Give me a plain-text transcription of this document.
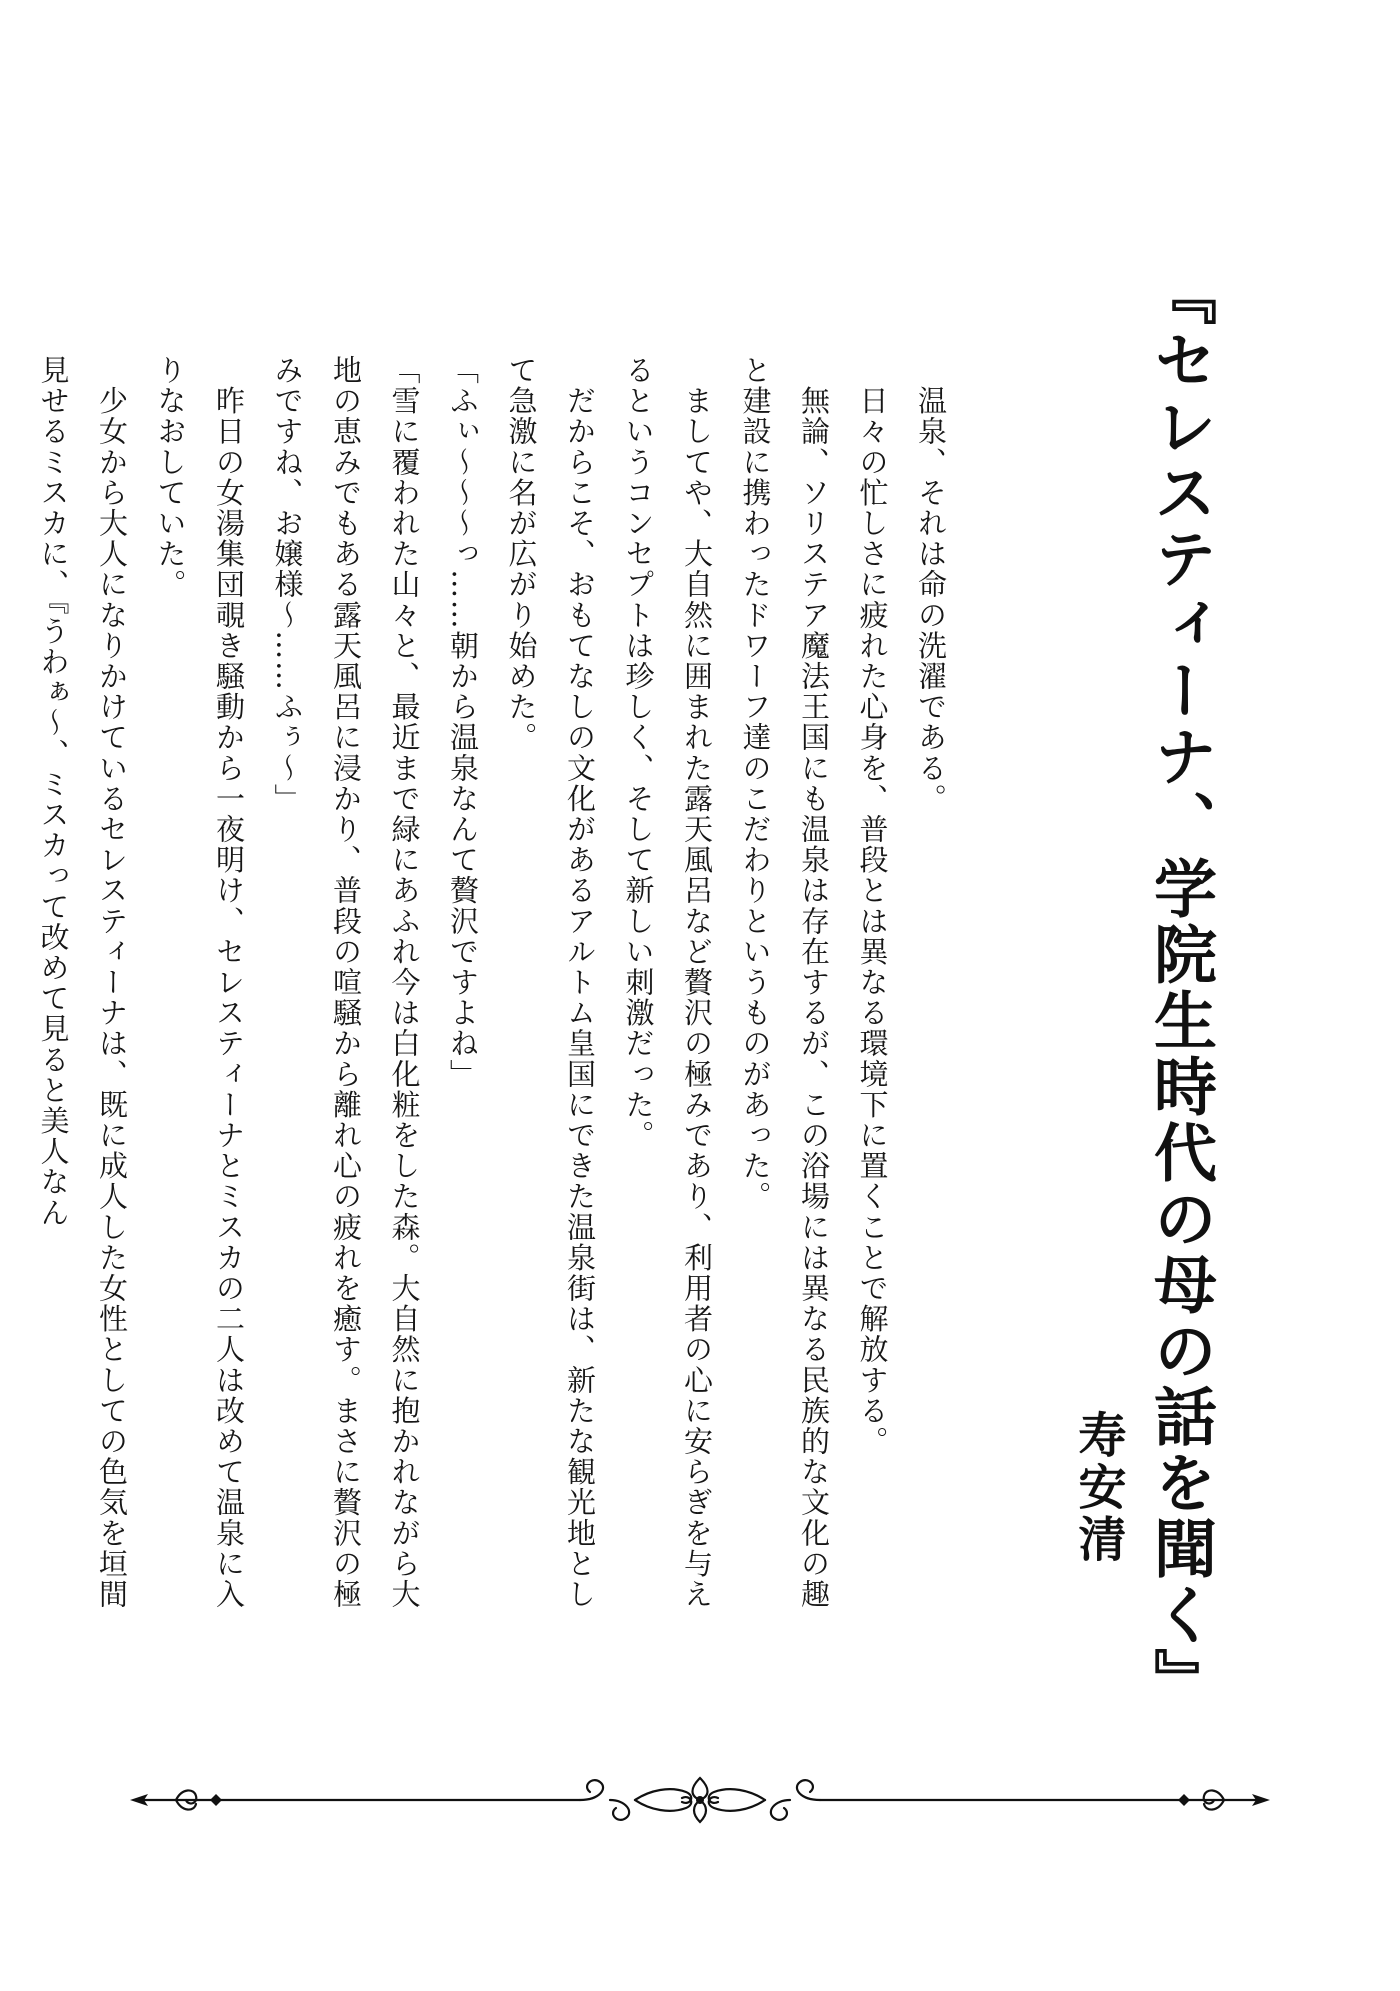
『セレスティーナ、学院生時代の母の話を聞く』
寿安清

　温泉、それは命の洗濯である。

　日々の忙しさに疲れた心身を、普段とは異なる環境下に置くことで解放する。

　無論、ソリステア魔法王国にも温泉は存在するが、この浴場には異なる民族的な文化の趣と建設に携わったドワーフ達のこだわりというものがあった。

　ましてや、大自然に囲まれた露天風呂など贅沢の極みであり、利用者の心に安らぎを与えるというコンセプトは珍しく、そして新しい刺激だった。

　だからこそ、おもてなしの文化があるアルトム皇国にできた温泉街は、新たな観光地として急激に名が広がり始めた。

「ふぃ〜〜〜っ……朝から温泉なんて贅沢ですよね」

「雪に覆われた山々と、最近まで緑にあふれ今は白化粧をした森。大自然に抱かれながら大地の恵みでもある露天風呂に浸かり、普段の喧騒から離れ心の疲れを癒す。まさに贅沢の極みですね、お嬢様〜……ふぅ〜」

　昨日の女湯集団覗き騒動から一夜明け、セレスティーナとミスカの二人は改めて温泉に入りなおしていた。

　少女から大人になりかけているセレスティーナは、既に成人した女性としての色気を垣間見せるミスカに、『うわぁ〜、ミスカって改めて見ると美人なん
